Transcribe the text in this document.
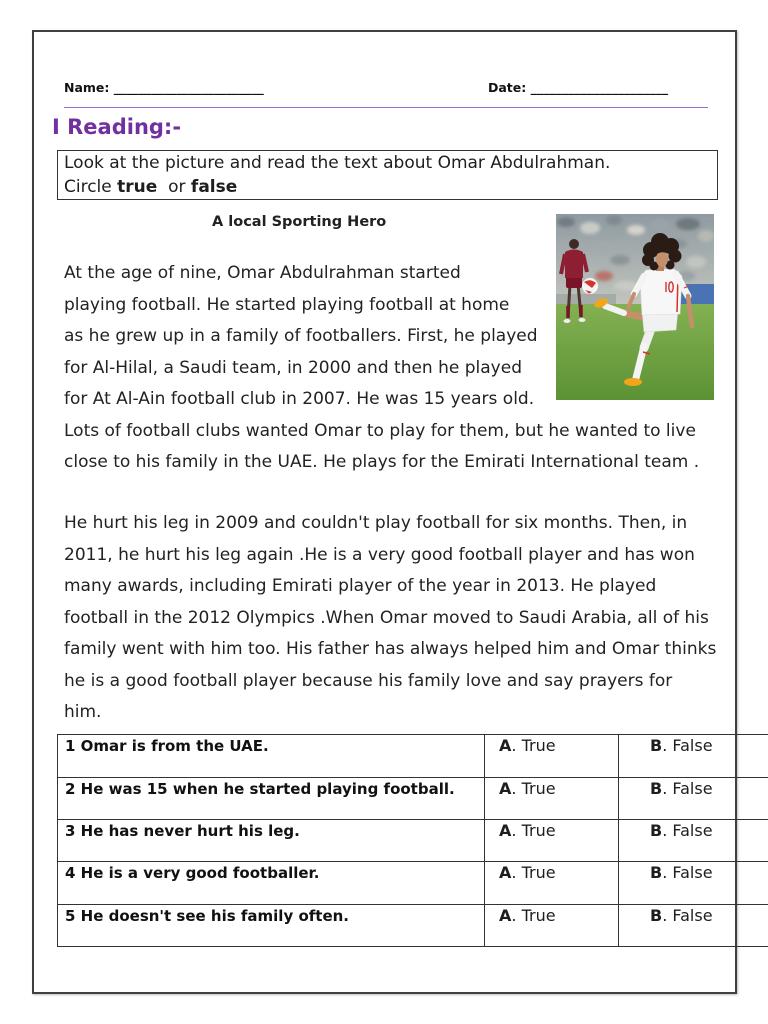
Name: ________________________	Date: ______________________
I Reading:-
Look at the picture and read the text about Omar Abdulrahman.
Circle true or false
A local Sporting Hero
At the age of nine, Omar Abdulrahman started
playing football. He started playing football at home
as he grew up in a family of footballers. First, he played
for Al-Hilal, a Saudi team, in 2000 and then he played
for At Al-Ain football club in 2007. He was 15 years old.
Lots of football clubs wanted Omar to play for them, but he wanted to live
close to his family in the UAE. He plays for the Emirati International team .
He hurt his leg in 2009 and couldn't play football for six months. Then, in
2011, he hurt his leg again .He is a very good football player and has won
many awards, including Emirati player of the year in 2013. He played
football in the 2012 Olympics .When Omar moved to Saudi Arabia, all of his
family went with him too. His father has always helped him and Omar thinks
he is a good football player because his family love and say prayers for
him.
1 Omar is from the UAE.	A. True	B. False
2 He was 15 when he started playing football.	A. True	B. False
3 He has never hurt his leg.	A. True	B. False
4 He is a very good footballer.	A. True	B. False
5 He doesn't see his family often.	A. True	B. False
